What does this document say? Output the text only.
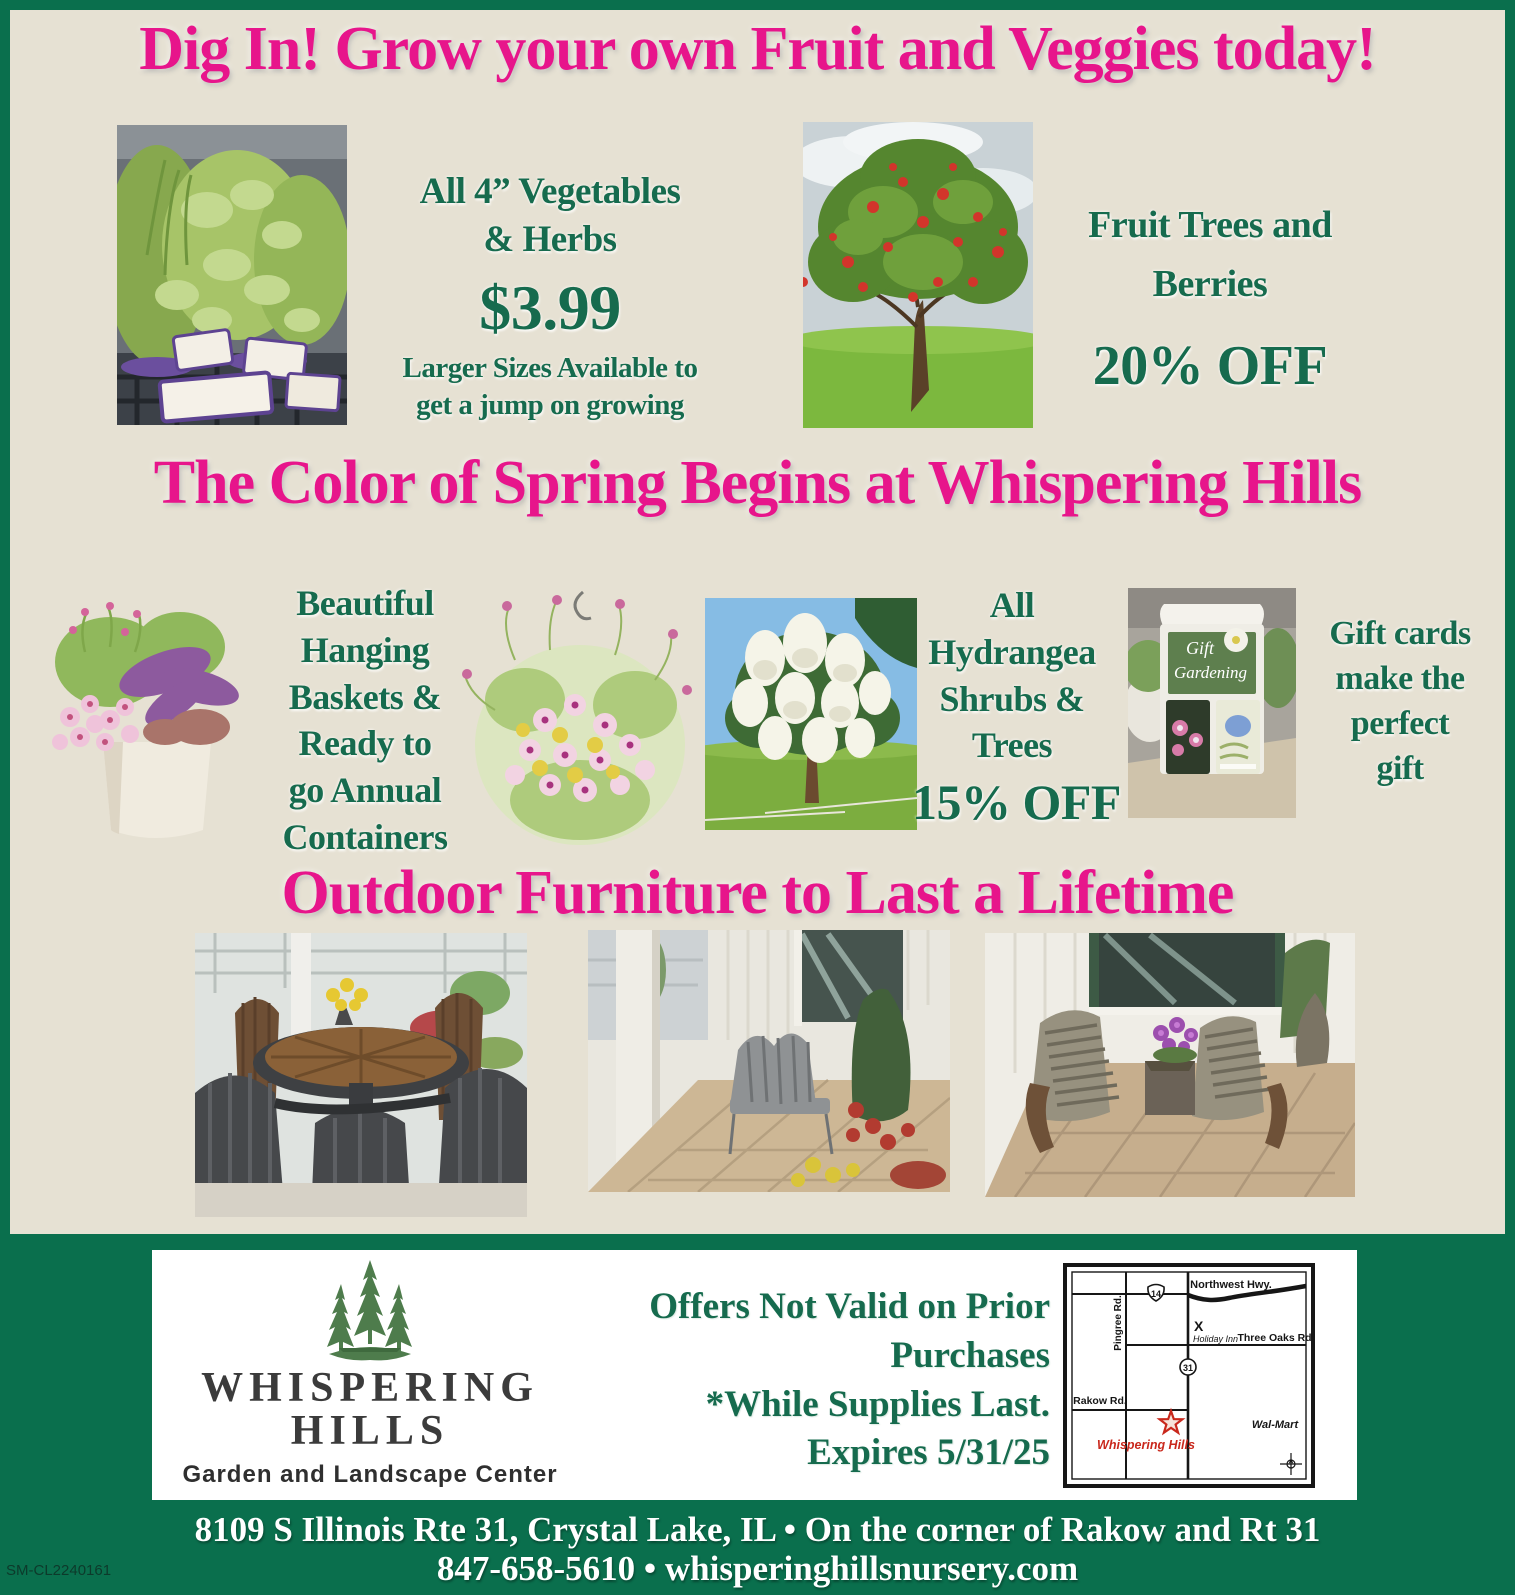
Dig In! Grow your own Fruit and Veggies today!
The Color of Spring Begins at Whispering Hills
Outdoor Furniture to Last a Lifetime
All 4” Vegetables
& Herbs
$3.99
Larger Sizes Available to
get a jump on growing
Fruit Trees and
Berries
20% OFF
Beautiful
Hanging
Baskets &
Ready to
go Annual
Containers
All
Hydrangea
Shrubs &
Trees
15% OFF
Gift
Gardening
Gift cards
make the
perfect
gift
WHISPERING
HILLS
Garden and Landscape Center
Offers Not Valid on Prior
Purchases
*While Supplies Last.
Expires 5/31/25
Northwest Hwy.
14
Pingree Rd.	X
Holiday Inn Three Oaks Rd.
31
Rakow Rd.
Whispering Hills
Wal-Mart
8109 S Illinois Rte 31, Crystal Lake, IL • On the corner of Rakow and Rt 31
847-658-5610 • whisperinghillsnursery.com
SM-CL2240161
